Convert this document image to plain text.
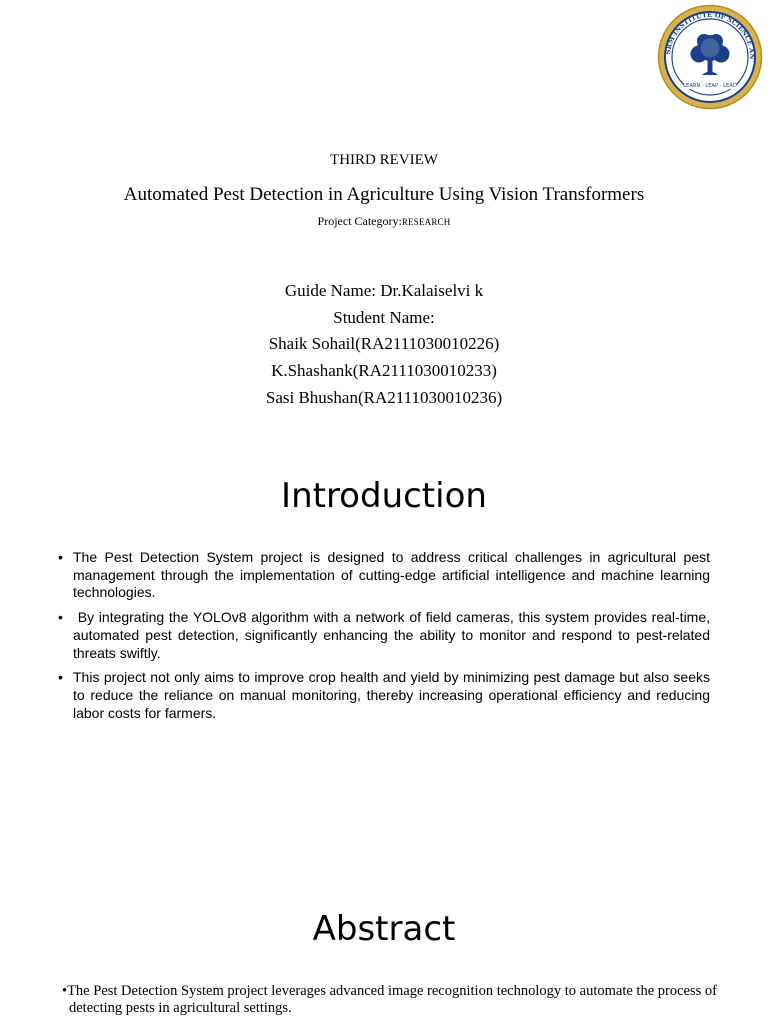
SRM INSTITUTE OF SCIENCE AN
LEARN · LEAP · LEAD
THIRD REVIEW
Automated Pest Detection in Agriculture Using Vision Transformers
Project Category:RESEARCH
Guide Name: Dr.Kalaiselvi k
Student Name:
Shaik Sohail(RA2111030010226)
K.Shashank(RA2111030010233)
Sasi Bhushan(RA2111030010236)
Introduction
• The Pest Detection System project is designed to address critical challenges in agricultural pest management through the implementation of cutting-edge artificial intelligence and machine learning technologies.
• By integrating the YOLOv8 algorithm with a network of field cameras, this system provides real-time, automated pest detection, significantly enhancing the ability to monitor and respond to pest-related threats swiftly.
• This project not only aims to improve crop health and yield by minimizing pest damage but also seeks to reduce the reliance on manual monitoring, thereby increasing operational efficiency and reducing labor costs for farmers.
Abstract
•The Pest Detection System project leverages advanced image recognition technology to automate the process of detecting pests in agricultural settings.
